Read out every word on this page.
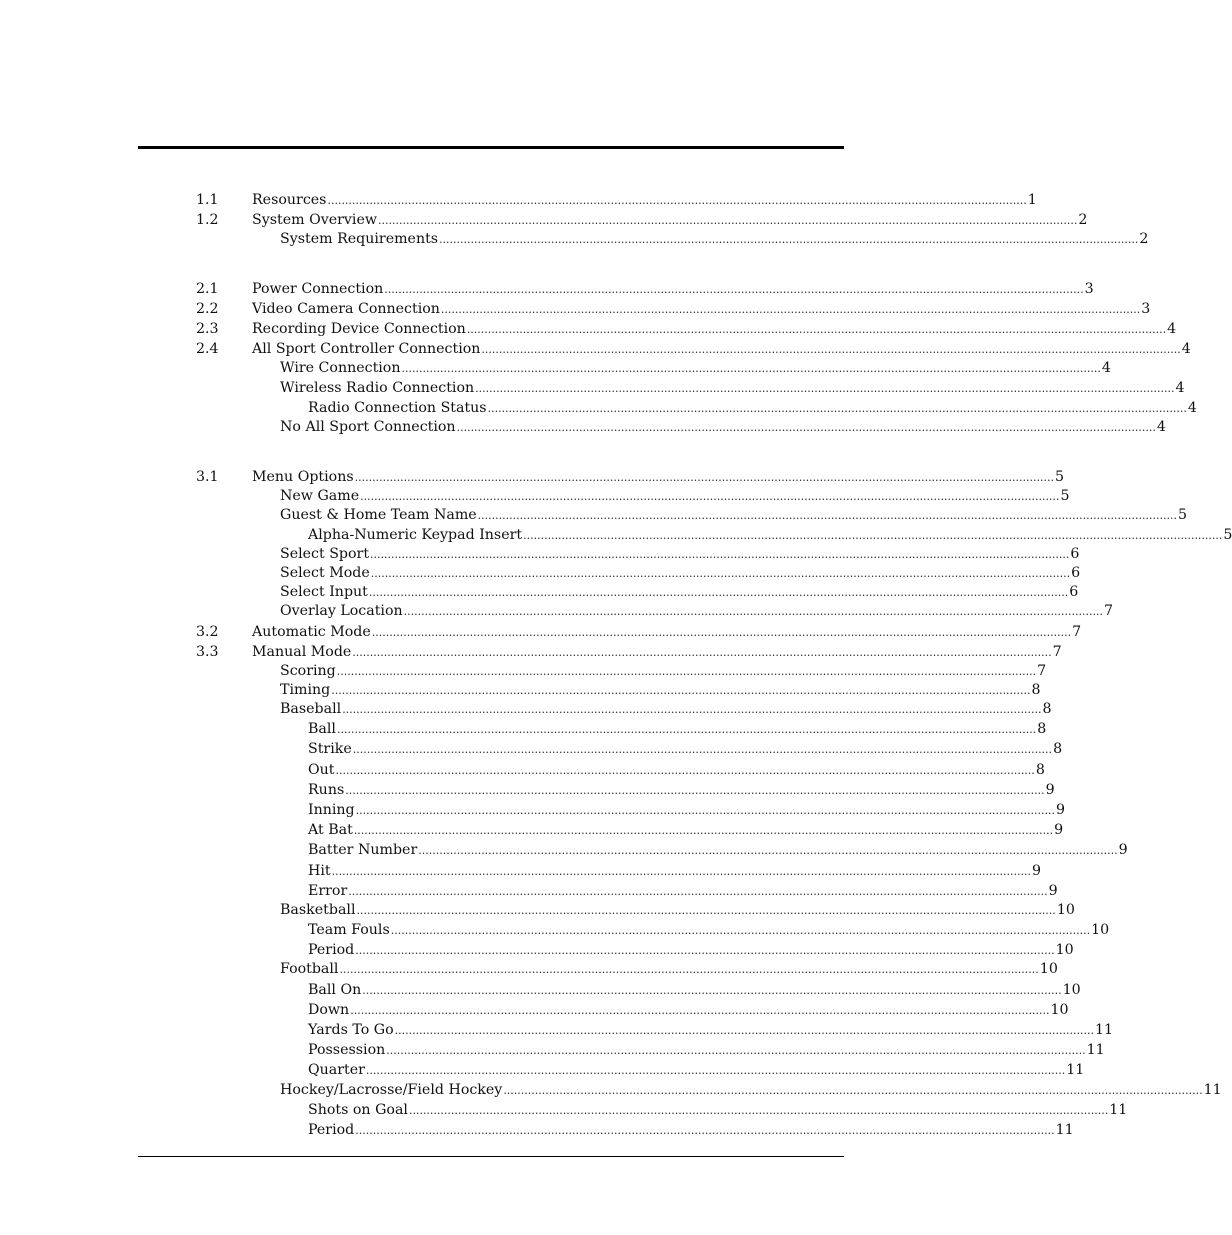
1.1 Resources ........................................................................................................................................................................................................ 1
1.2 System Overview ........................................................................................................................................................................................................ 2
System Requirements ........................................................................................................................................................................................................ 2
2.1 Power Connection ........................................................................................................................................................................................................ 3
2.2 Video Camera Connection ........................................................................................................................................................................................................ 3
2.3 Recording Device Connection ........................................................................................................................................................................................................ 4
2.4 All Sport Controller Connection ........................................................................................................................................................................................................ 4
Wire Connection ........................................................................................................................................................................................................ 4
Wireless Radio Connection ........................................................................................................................................................................................................ 4
Radio Connection Status ........................................................................................................................................................................................................ 4
No All Sport Connection ........................................................................................................................................................................................................ 4
3.1 Menu Options ........................................................................................................................................................................................................ 5
New Game ........................................................................................................................................................................................................ 5
Guest & Home Team Name ........................................................................................................................................................................................................ 5
Alpha-Numeric Keypad Insert ........................................................................................................................................................................................................ 5
Select Sport ........................................................................................................................................................................................................ 6
Select Mode ........................................................................................................................................................................................................ 6
Select Input ........................................................................................................................................................................................................ 6
Overlay Location ........................................................................................................................................................................................................ 7
3.2 Automatic Mode ........................................................................................................................................................................................................ 7
3.3 Manual Mode ........................................................................................................................................................................................................ 7
Scoring ........................................................................................................................................................................................................ 7
Timing ........................................................................................................................................................................................................ 8
Baseball ........................................................................................................................................................................................................ 8
Ball ........................................................................................................................................................................................................ 8
Strike ........................................................................................................................................................................................................ 8
Out ........................................................................................................................................................................................................ 8
Runs ........................................................................................................................................................................................................ 9
Inning ........................................................................................................................................................................................................ 9
At Bat ........................................................................................................................................................................................................ 9
Batter Number ........................................................................................................................................................................................................ 9
Hit ........................................................................................................................................................................................................ 9
Error ........................................................................................................................................................................................................ 9
Basketball ........................................................................................................................................................................................................ 10
Team Fouls ........................................................................................................................................................................................................ 10
Period ........................................................................................................................................................................................................ 10
Football ........................................................................................................................................................................................................ 10
Ball On ........................................................................................................................................................................................................ 10
Down ........................................................................................................................................................................................................ 10
Yards To Go ........................................................................................................................................................................................................ 11
Possession ........................................................................................................................................................................................................ 11
Quarter ........................................................................................................................................................................................................ 11
Hockey/Lacrosse/Field Hockey ........................................................................................................................................................................................................ 11
Shots on Goal ........................................................................................................................................................................................................ 11
Period ........................................................................................................................................................................................................ 11
